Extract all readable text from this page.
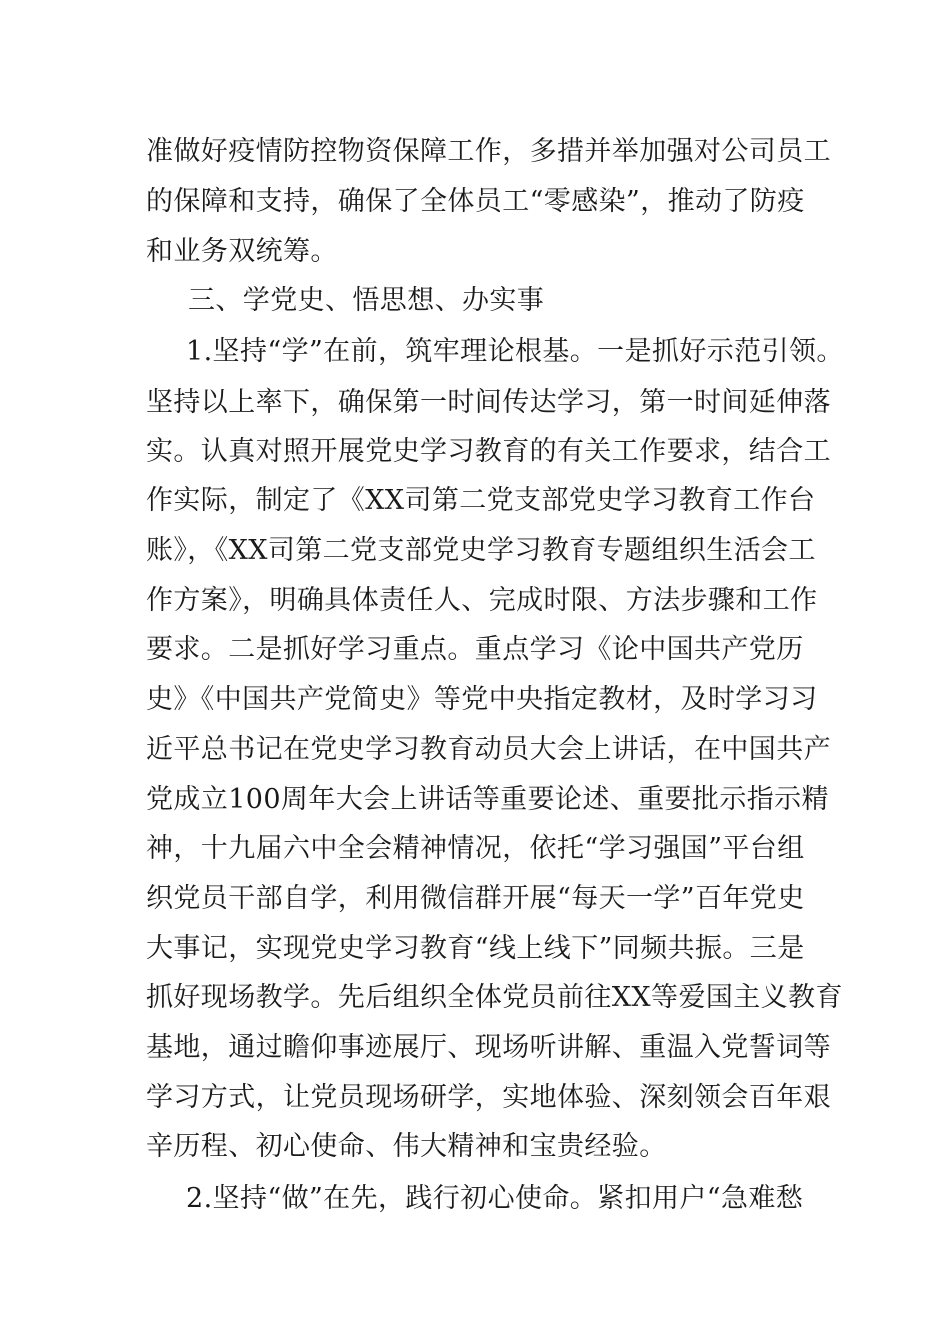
准做好疫情防控物资保障工作，多措并举加强对公司员工
的保障和支持，确保了全体员工“零感染”，推动了防疫
和业务双统筹。
三、学党史、悟思想、办实事
1.坚持“学”在前，筑牢理论根基。一是抓好示范引领。
坚持以上率下，确保第一时间传达学习，第一时间延伸落
实。认真对照开展党史学习教育的有关工作要求，结合工
作实际，制定了《XX司第二党支部党史学习教育工作台
账》，《XX司第二党支部党史学习教育专题组织生活会工
作方案》，明确具体责任人、完成时限、方法步骤和工作
要求。二是抓好学习重点。重点学习《论中国共产党历
史》《中国共产党简史》等党中央指定教材，及时学习习
近平总书记在党史学习教育动员大会上讲话，在中国共产
党成立100周年大会上讲话等重要论述、重要批示指示精
神，十九届六中全会精神情况，依托“学习强国”平台组
织党员干部自学，利用微信群开展“每天一学”百年党史
大事记，实现党史学习教育“线上线下”同频共振。三是
抓好现场教学。先后组织全体党员前往XX等爱国主义教育
基地，通过瞻仰事迹展厅、现场听讲解、重温入党誓词等
学习方式，让党员现场研学，实地体验、深刻领会百年艰
辛历程、初心使命、伟大精神和宝贵经验。
2.坚持“做”在先，践行初心使命。紧扣用户“急难愁
